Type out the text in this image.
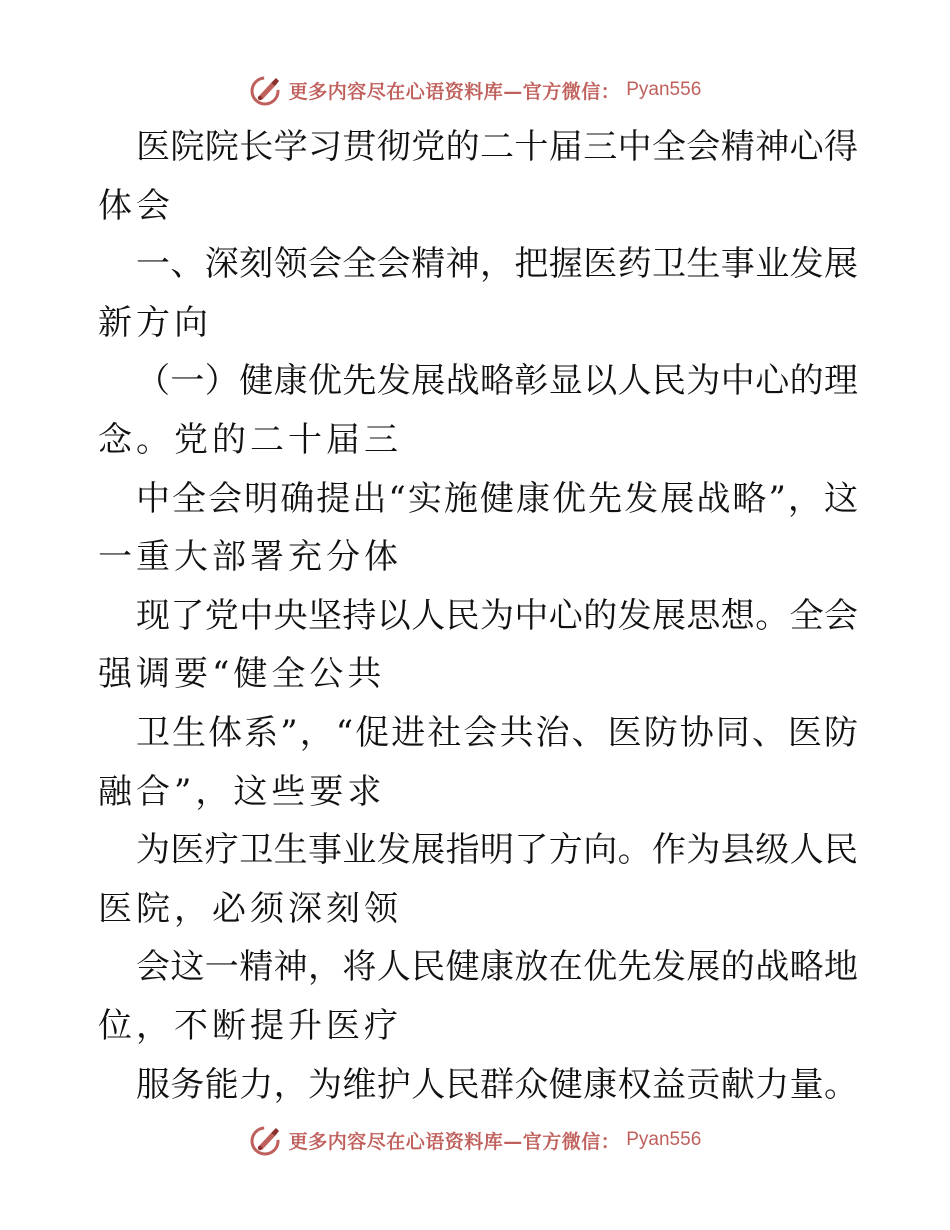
更多内容尽在心语资料库—官方微信： Pyan556
医院院长学习贯彻党的二十届三中全会精神心得
体会
一、深刻领会全会精神，把握医药卫生事业发展
新方向
（一）健康优先发展战略彰显以人民为中心的理
念。党的二十届三
中全会明确提出“实施健康优先发展战略”，这
一重大部署充分体
现了党中央坚持以人民为中心的发展思想。全会
强调要“健全公共
卫生体系”，“促进社会共治、医防协同、医防
融合”，这些要求
为医疗卫生事业发展指明了方向。作为县级人民
医院，必须深刻领
会这一精神，将人民健康放在优先发展的战略地
位，不断提升医疗
服务能力，为维护人民群众健康权益贡献力量。
更多内容尽在心语资料库—官方微信： Pyan556
